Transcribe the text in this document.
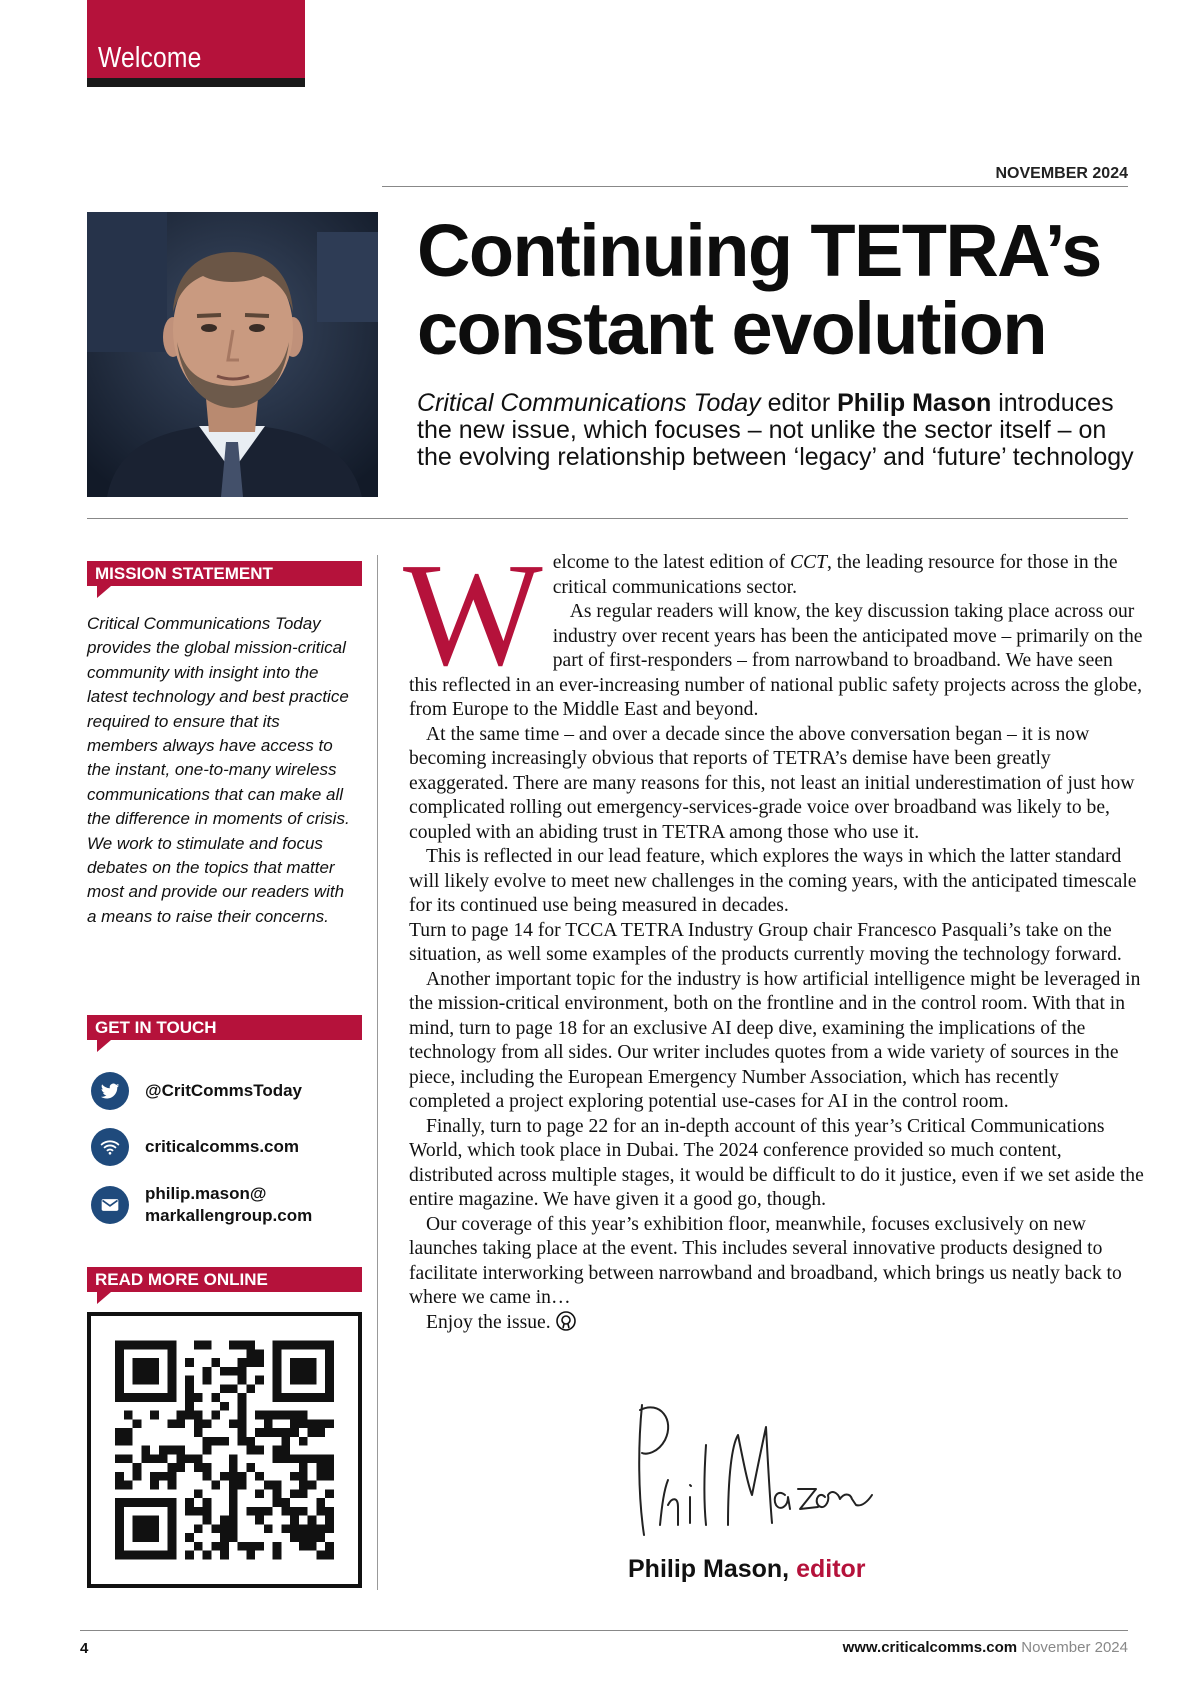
Welcome
NOVEMBER 2024
Continuing TETRA’s
constant evolution

Critical Communications Today editor Philip Mason introduces the new issue, which focuses – not unlike the sector itself – on the evolving relationship between ‘legacy’ and ‘future’ technology

MISSION STATEMENT

Critical Communications Today provides the global mission-critical community with insight into the latest technology and best practice required to ensure that its members always have access to the instant, one-to-many wireless communications that can make all the difference in moments of crisis. We work to stimulate and focus debates on the topics that matter most and provide our readers with a means to raise their concerns.

GET IN TOUCH
@CritCommsToday
criticalcomms.com
philip.mason@
markallengroup.com
READ MORE ONLINE

Welcome to the latest edition of CCT, the leading resource for those in the critical communications sector.

As regular readers will know, the key discussion taking place across our industry over recent years has been the anticipated move – primarily on the part of first-responders – from narrowband to broadband. We have seen this reflected in an ever-increasing number of national public safety projects across the globe, from Europe to the Middle East and beyond.

At the same time – and over a decade since the above conversation began – it is now becoming increasingly obvious that reports of TETRA’s demise have been greatly exaggerated. There are many reasons for this, not least an initial underestimation of just how complicated rolling out emergency-services-grade voice over broadband was likely to be, coupled with an abiding trust in TETRA among those who use it.

This is reflected in our lead feature, which explores the ways in which the latter standard will likely evolve to meet new challenges in the coming years, with the anticipated timescale for its continued use being measured in decades.

Turn to page 14 for TCCA TETRA Industry Group chair Francesco Pasquali’s take on the situation, as well some examples of the products currently moving the technology forward.

Another important topic for the industry is how artificial intelligence might be leveraged in the mission-critical environment, both on the frontline and in the control room. With that in mind, turn to page 18 for an exclusive AI deep dive, examining the implications of the technology from all sides. Our writer includes quotes from a wide variety of sources in the piece, including the European Emergency Number Association, which has recently completed a project exploring potential use-cases for AI in the control room.

Finally, turn to page 22 for an in-depth account of this year’s Critical Communications World, which took place in Dubai. The 2024 conference provided so much content, distributed across multiple stages, it would be difficult to do it justice, even if we set aside the entire magazine. We have given it a good go, though.

Our coverage of this year’s exhibition floor, meanwhile, focuses exclusively on new launches taking place at the event. This includes several innovative products designed to facilitate interworking between narrowband and broadband, which brings us neatly back to where we came in…

Enjoy the issue.

Philip Mason, editor
4	www.criticalcomms.com November 2024
